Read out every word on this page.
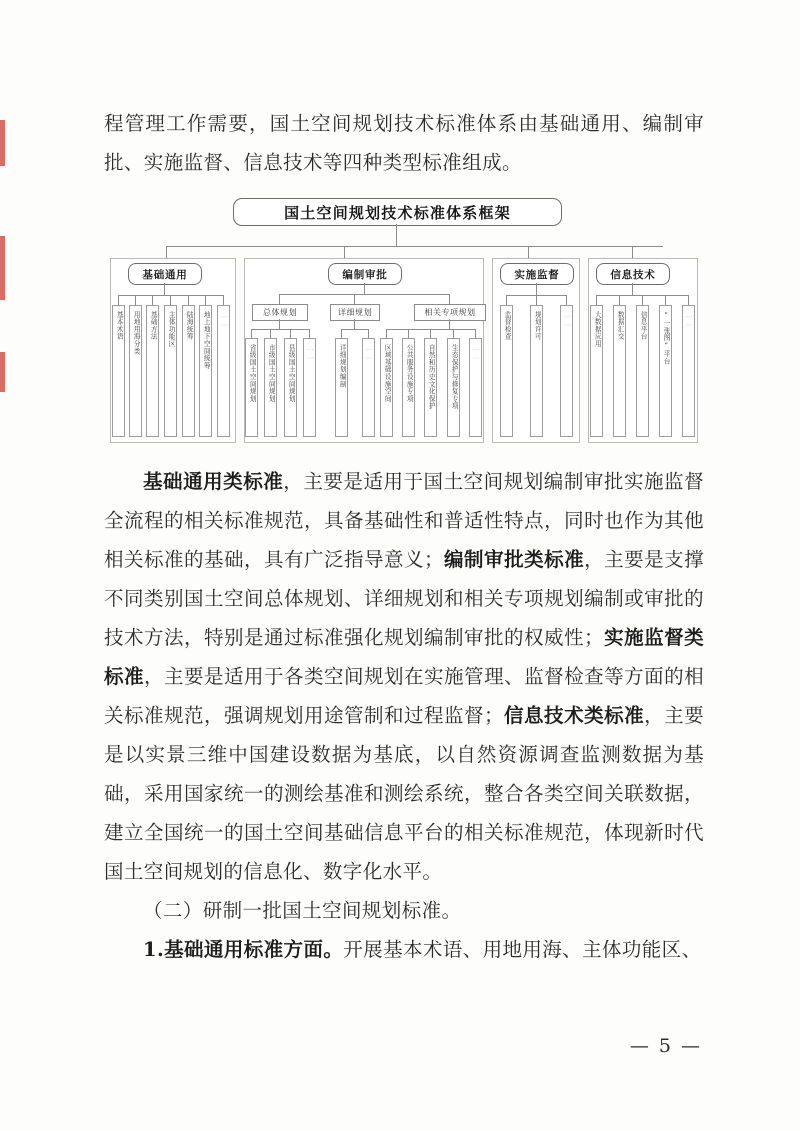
程管理工作需要，国土空间规划技术标准体系由基础通用、编制审批、实施监督、信息技术等四种类型标准组成。

国土空间规划技术标准体系框架
基础通用
基本术语 用地用海分类 基础方法 主体功能区 陆海统筹 地上地下空间统筹 ……
编制审批
总体规划	详细规划	相关专项规划
省级国土空间规划 市级国土空间规划 县级国土空间规划 ……	详细规划编制	…… 区域基础设施空间 公共服务设施专项 自然和历史文化保护 生态保护与修复专项 ……
实施监督
监督检查	规划许可	……
信息技术
大数据应用 数据汇交 信息平台 “一张图”平台 ……

基础通用类标准，主要是适用于国土空间规划编制审批实施监督全流程的相关标准规范，具备基础性和普适性特点，同时也作为其他相关标准的基础，具有广泛指导意义；编制审批类标准，主要是支撑不同类别国土空间总体规划、详细规划和相关专项规划编制或审批的技术方法，特别是通过标准强化规划编制审批的权威性；实施监督类标准，主要是适用于各类空间规划在实施管理、监督检查等方面的相关标准规范，强调规划用途管制和过程监督；信息技术类标准，主要是以实景三维中国建设数据为基底，以自然资源调查监测数据为基础，采用国家统一的测绘基准和测绘系统，整合各类空间关联数据，建立全国统一的国土空间基础信息平台的相关标准规范，体现新时代国土空间规划的信息化、数字化水平。

（二）研制一批国土空间规划标准。

1.基础通用标准方面。开展基本术语、用地用海、主体功能区、

— 5 —
